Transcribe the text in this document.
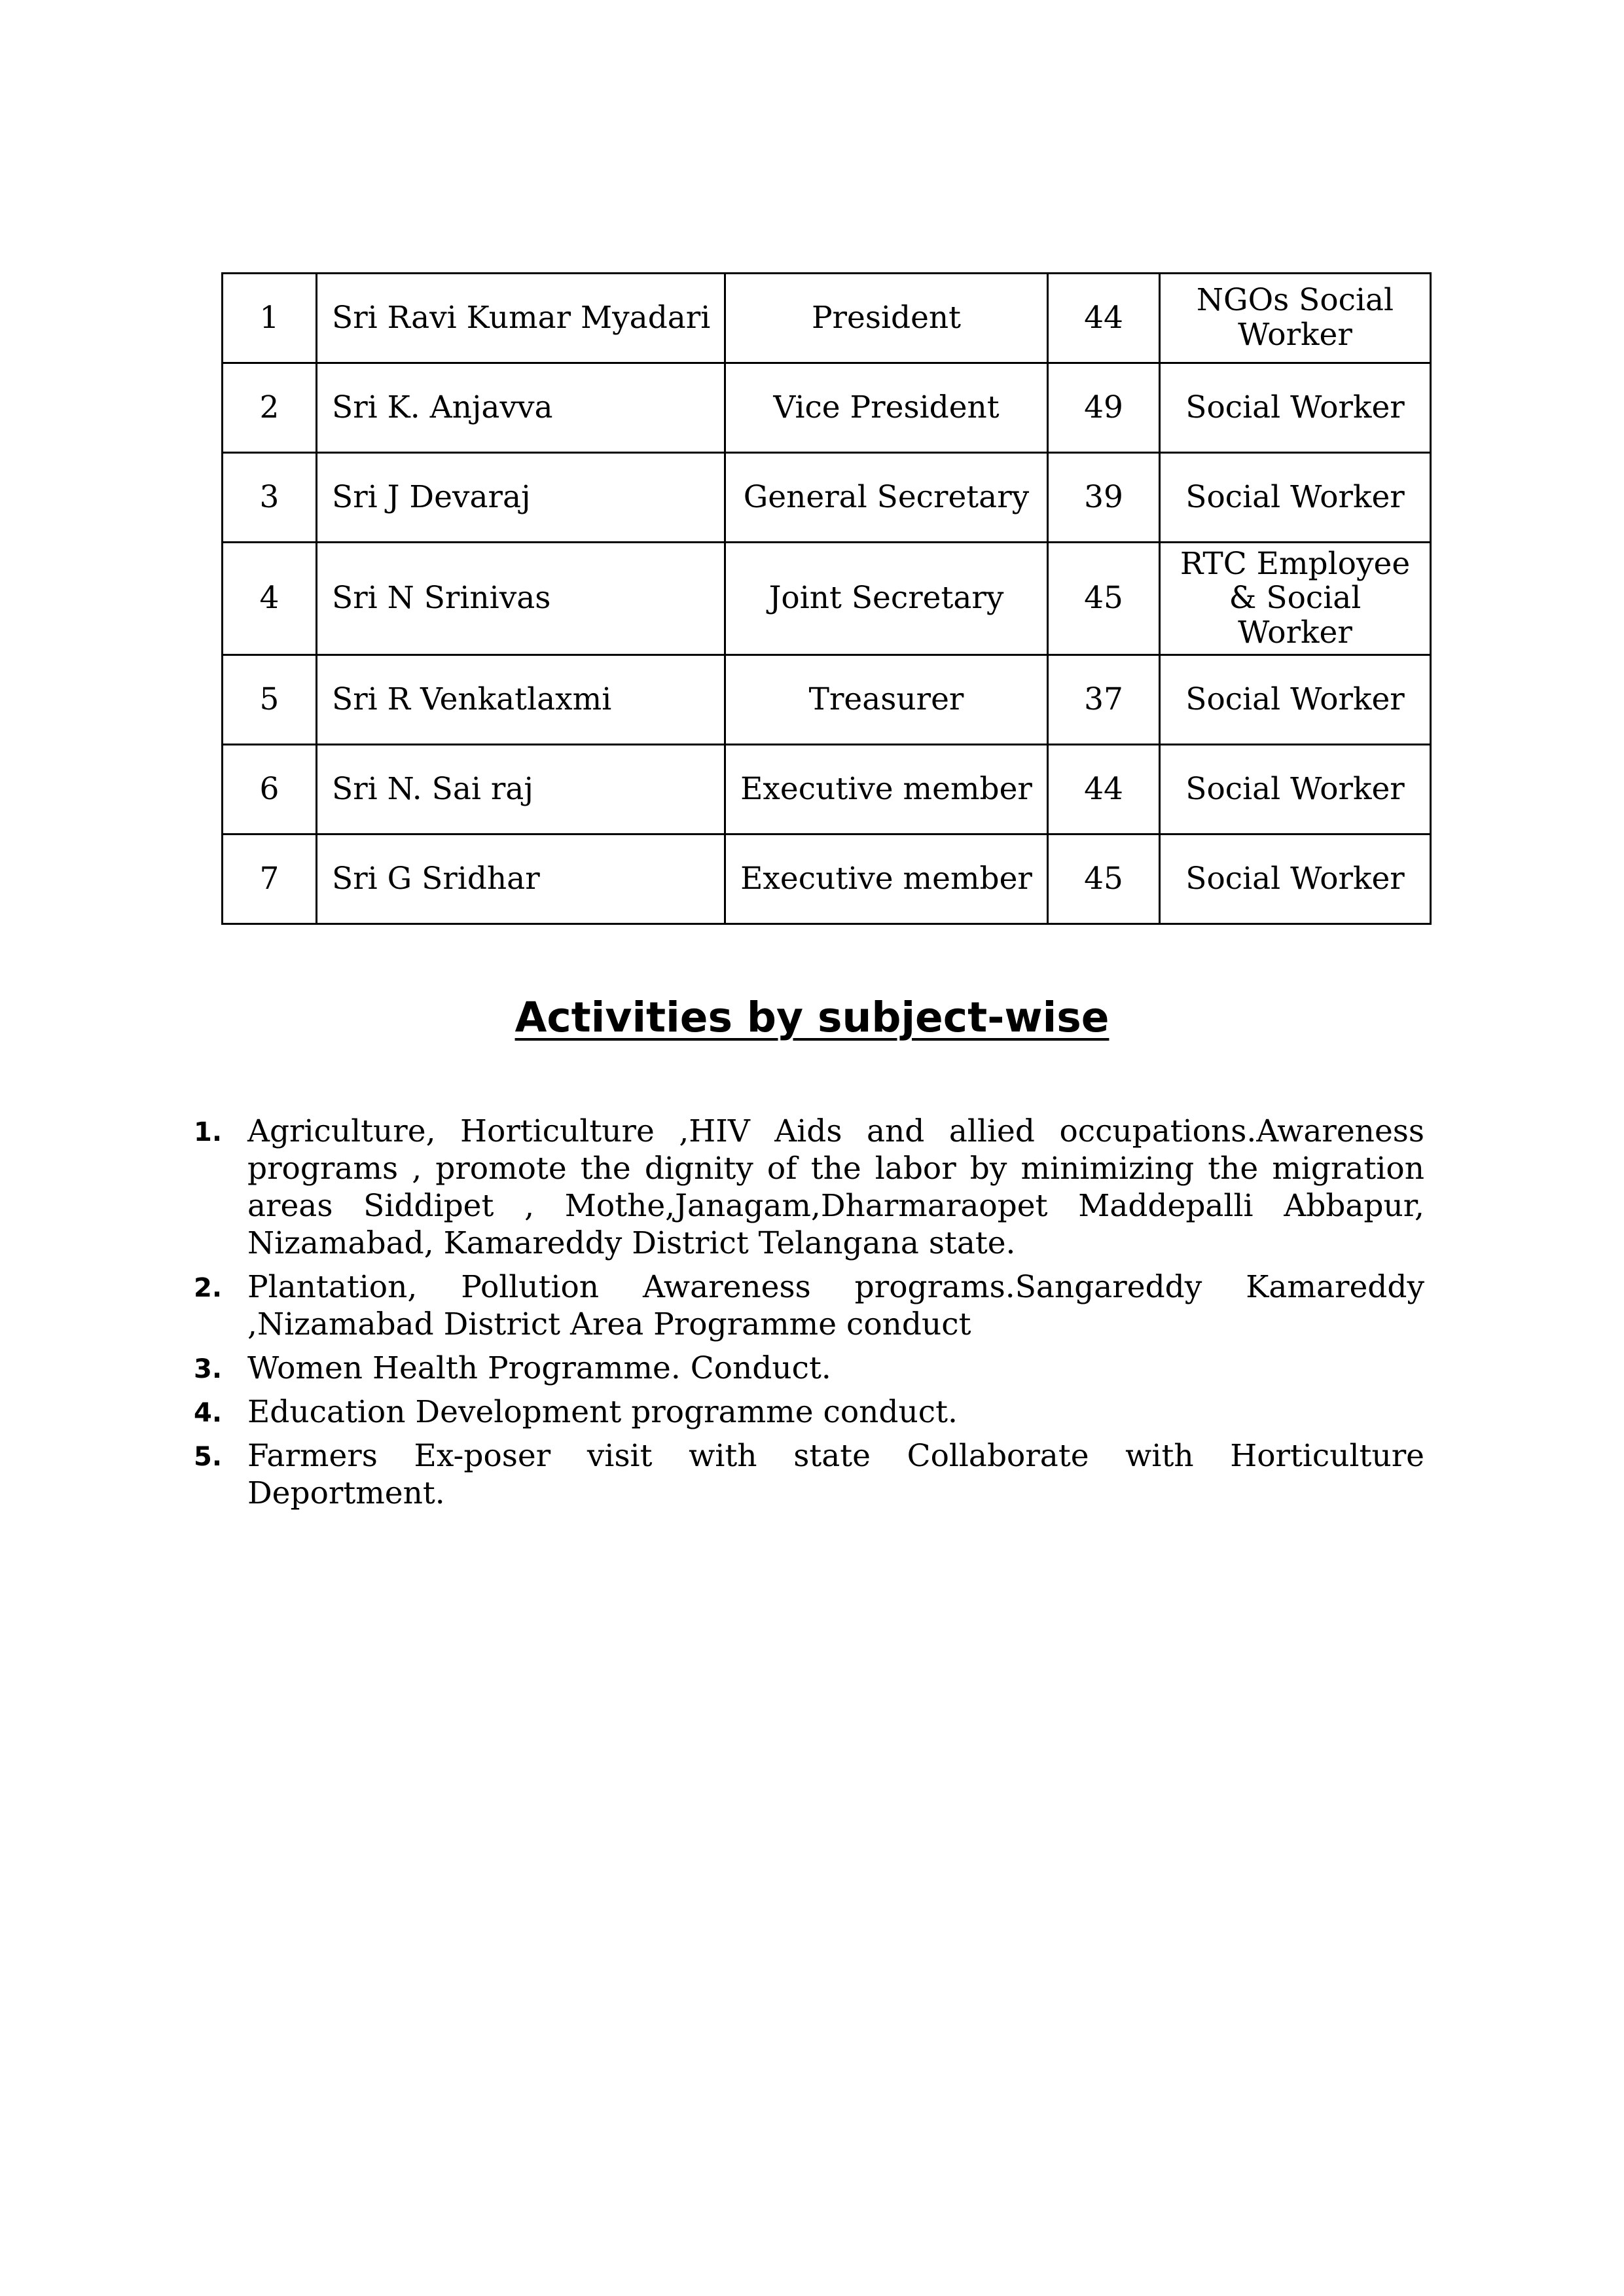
1	Sri Ravi Kumar Myadari	President	44	NGOs Social Worker
2	Sri K. Anjavva	Vice President	49	Social Worker
3	Sri J Devaraj	General Secretary	39	Social Worker
4	Sri N Srinivas	Joint Secretary	45	RTC Employee & Social Worker
5	Sri R Venkatlaxmi	Treasurer	37	Social Worker
6	Sri N. Sai raj	Executive member	44	Social Worker
7	Sri G Sridhar	Executive member	45	Social Worker
Activities by subject-wise
1. Agriculture, Horticulture ,HIV Aids and allied occupations.Awareness programs , promote the dignity of the labor by minimizing the migration areas Siddipet , Mothe,Janagam,Dharmaraopet Maddepalli Abbapur, Nizamabad, Kamareddy District Telangana state.
2. Plantation, Pollution Awareness programs.Sangareddy Kamareddy ,Nizamabad District Area Programme conduct
3. Women Health Programme. Conduct.
4. Education Development programme conduct.
5. Farmers Ex-poser visit with state Collaborate with Horticulture Deportment.
